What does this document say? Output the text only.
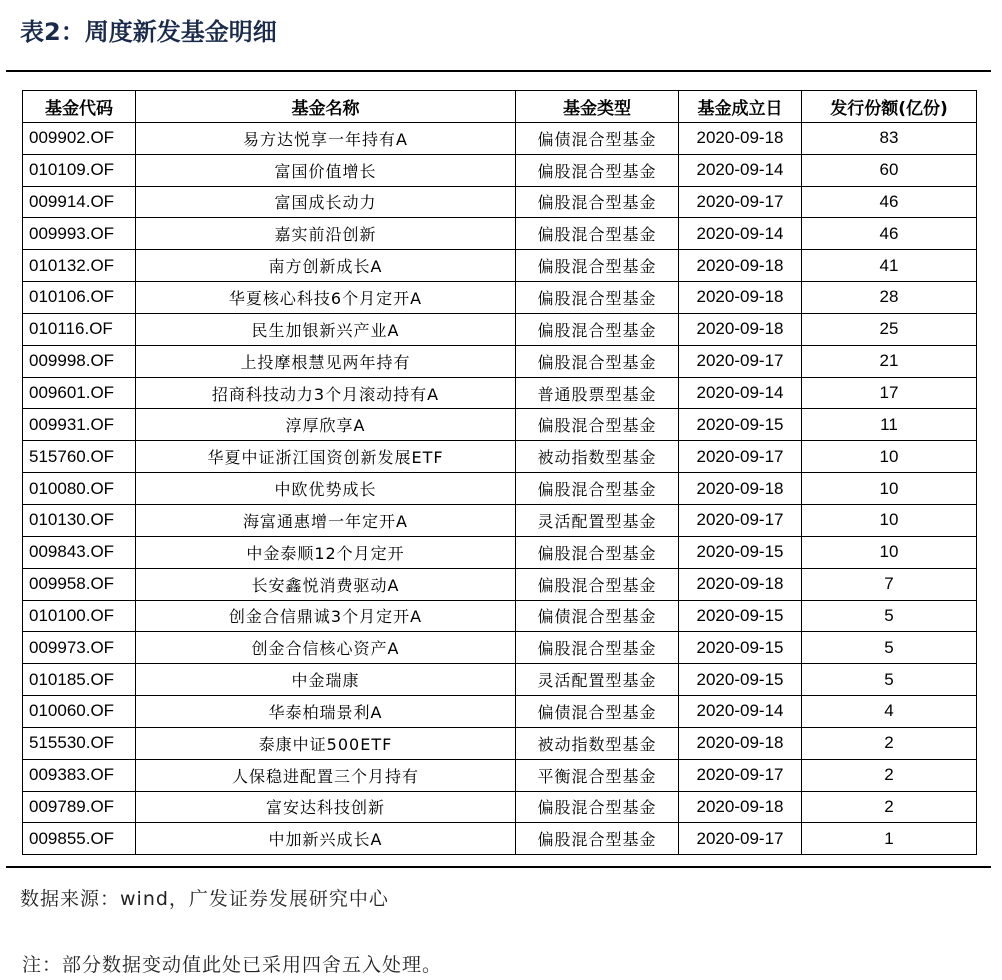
表2：周度新发基金明细
基金代码	基金名称	基金类型	基金成立日	发行份额(亿份)
009902.OF	易方达悦享一年持有A	偏债混合型基金	2020-09-18	83
010109.OF	富国价值增长	偏股混合型基金	2020-09-14	60
009914.OF	富国成长动力	偏股混合型基金	2020-09-17	46
009993.OF	嘉实前沿创新	偏股混合型基金	2020-09-14	46
010132.OF	南方创新成长A	偏股混合型基金	2020-09-18	41
010106.OF	华夏核心科技6个月定开A	偏股混合型基金	2020-09-18	28
010116.OF	民生加银新兴产业A	偏股混合型基金	2020-09-18	25
009998.OF	上投摩根慧见两年持有	偏股混合型基金	2020-09-17	21
009601.OF	招商科技动力3个月滚动持有A	普通股票型基金	2020-09-14	17
009931.OF	淳厚欣享A	偏股混合型基金	2020-09-15	11
515760.OF	华夏中证浙江国资创新发展ETF	被动指数型基金	2020-09-17	10
010080.OF	中欧优势成长	偏股混合型基金	2020-09-18	10
010130.OF	海富通惠增一年定开A	灵活配置型基金	2020-09-17	10
009843.OF	中金泰顺12个月定开	偏股混合型基金	2020-09-15	10
009958.OF	长安鑫悦消费驱动A	偏股混合型基金	2020-09-18	7
010100.OF	创金合信鼎诚3个月定开A	偏债混合型基金	2020-09-15	5
009973.OF	创金合信核心资产A	偏股混合型基金	2020-09-15	5
010185.OF	中金瑞康	灵活配置型基金	2020-09-15	5
010060.OF	华泰柏瑞景利A	偏债混合型基金	2020-09-14	4
515530.OF	泰康中证500ETF	被动指数型基金	2020-09-18	2
009383.OF	人保稳进配置三个月持有	平衡混合型基金	2020-09-17	2
009789.OF	富安达科技创新	偏股混合型基金	2020-09-18	2
009855.OF	中加新兴成长A	偏股混合型基金	2020-09-17	1
数据来源：wind，广发证券发展研究中心
注：部分数据变动值此处已采用四舍五入处理。
